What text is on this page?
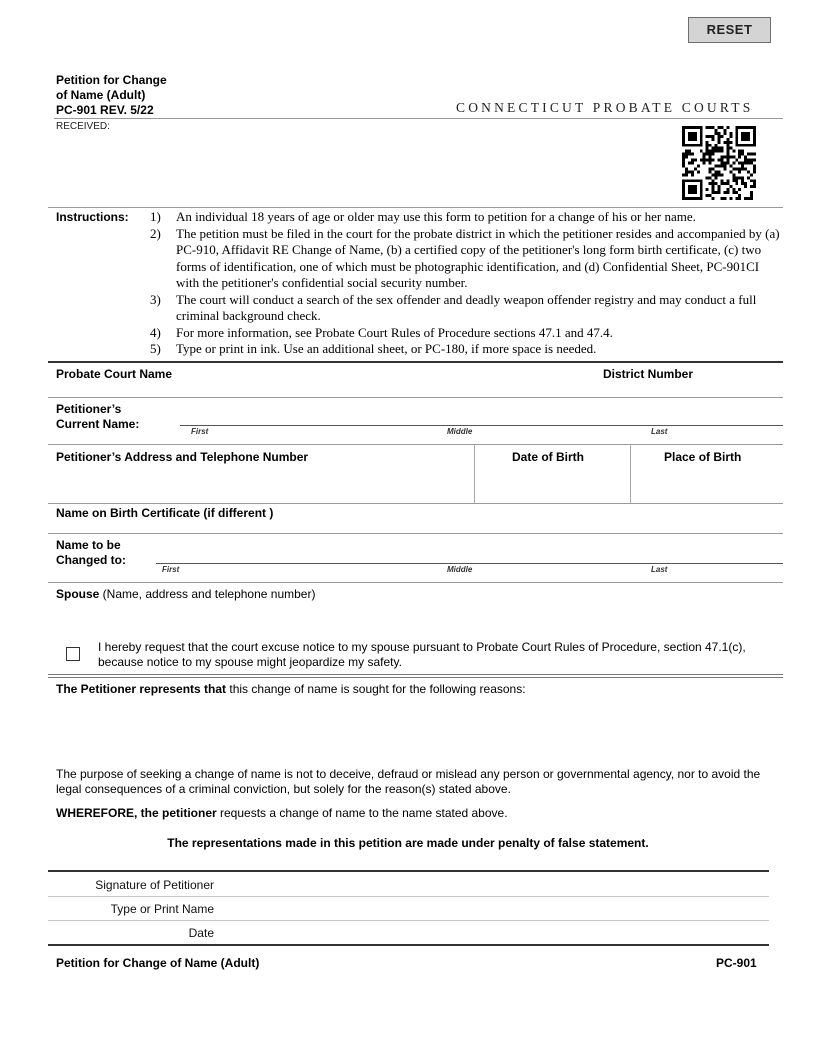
RESET
Petition for Change
of Name (Adult)
PC-901 REV. 5/22	CONNECTICUT PROBATE COURTS
RECEIVED:
Instructions: 1)	An individual 18 years of age or older may use this form to petition for a change of his or her name.
2)	The petition must be filed in the court for the probate district in which the petitioner resides and accompanied by (a) PC-910, Affidavit RE Change of Name, (b) a certified copy of the petitioner's long form birth certificate, (c) two forms of identification, one of which must be photographic identification, and (d) Confidential Sheet, PC-901CI with the petitioner's confidential social security number.
3)	The court will conduct a search of the sex offender and deadly weapon offender registry and may conduct a full criminal background check.
4)	For more information, see Probate Court Rules of Procedure sections 47.1 and 47.4.
5)	Type or print in ink. Use an additional sheet, or PC-180, if more space is needed.
Probate Court Name	District Number
Petitioner’s
Current Name:
First	Middle	Last
Petitioner’s Address and Telephone Number	Date of Birth	Place of Birth
Name on Birth Certificate (if different )
Name to be
Changed to:
First	Middle	Last
Spouse (Name, address and telephone number)
I hereby request that the court excuse notice to my spouse pursuant to Probate Court Rules of Procedure, section 47.1(c), because notice to my spouse might jeopardize my safety.
The Petitioner represents that this change of name is sought for the following reasons:
The purpose of seeking a change of name is not to deceive, defraud or mislead any person or governmental agency, nor to avoid the legal consequences of a criminal conviction, but solely for the reason(s) stated above.
WHEREFORE, the petitioner requests a change of name to the name stated above.
The representations made in this petition are made under penalty of false statement.
Signature of Petitioner
Type or Print Name
Date
Petition for Change of Name (Adult)	PC-901
